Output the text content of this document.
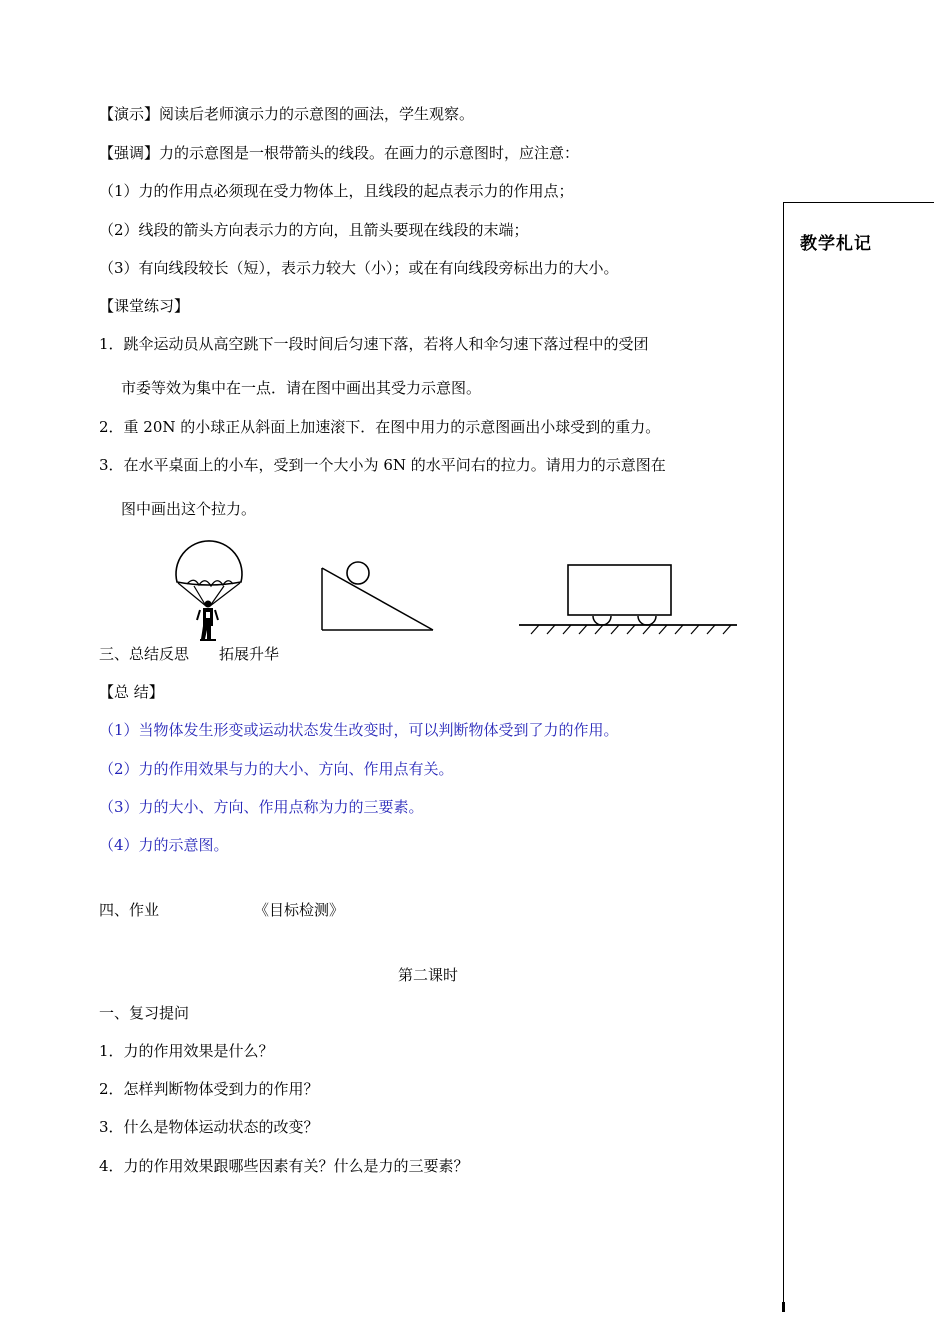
【演示】阅读后老师演示力的示意图的画法，学生观察。
【强调】力的示意图是一根带箭头的线段。在画力的示意图时，应注意：
（1）力的作用点必须现在受力物体上，且线段的起点表示力的作用点；
（2）线段的箭头方向表示力的方向，且箭头要现在线段的末端；
（3）有向线段较长（短），表示力较大（小）；或在有向线段旁标出力的大小。
【课堂练习】
1．跳伞运动员从高空跳下一段时间后匀速下落，若将人和伞匀速下落过程中的受团
市委等效为集中在一点．请在图中画出其受力示意图。
2．重 20N 的小球正从斜面上加速滚下．在图中用力的示意图画出小球受到的重力。
3．在水平桌面上的小车，受到一个大小为 6N 的水平问右的拉力。请用力的示意图在
图中画出这个拉力。
三、总结反思　　拓展升华
【总 结】
（1）当物体发生形变或运动状态发生改变时，可以判断物体受到了力的作用。
（2）力的作用效果与力的大小、方向、作用点有关。
（3）力的大小、方向、作用点称为力的三要素。
（4）力的示意图。
四、作业	《目标检测》
第二课时
一、复习提问
1．力的作用效果是什么？
2．怎样判断物体受到力的作用？
3．什么是物体运动状态的改变？
4．力的作用效果跟哪些因素有关？什么是力的三要素？
教学札记
